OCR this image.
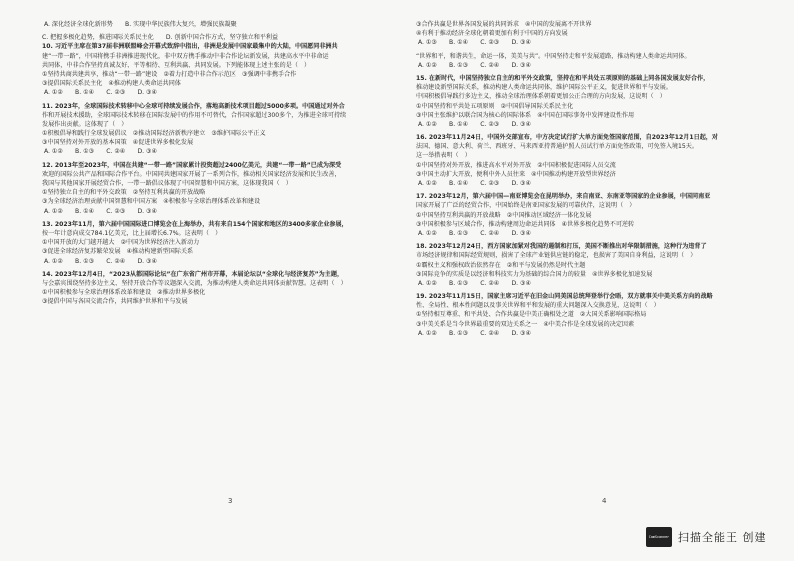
A. 深化经济全球化新形势　　B. 实现中华民族伟大复兴，增强民族凝聚
C. 把握多极化趋势，推进国际关系民主化　　D. 创新中国合作方式，坚守独立和平利益
10. 习近平主席在第37届非洲联盟峰会开幕式致辞中指出，非洲是发展中国家最集中的大陆，中国愿同非洲共
建“一带一路”，中国将携手非洲推进现代化，非中双方携手推动中非合作论坛新发展，共建高水平中非命运
共同体，中非合作坚持真诚友好、平等相待、互利共赢、共同发展。下列能体现上述主张的是（　）
①坚持共商共建共享，推动“一带一路”建设　②着力打造中非合作示范区　③强调中非携手合作
③提倡国际关系民主化　④推动构建人类命运共同体
A. ①②　　B. ①④　　C. ②③　　D. ③④
11. 2023年，全球国际技术转移中心全球可持续发展合作，落地高新技术项目超过5000多项。中国通过对外合
作和开展技术援助，全球国际技术转移在国际发展中的作用不可替代，合作国家超过300多个，为推进全球可持续
发展作出贡献。这体现了（　）
①积极倡导和践行全球发展倡议　②推动国际经济新秩序建立　③维护国际公平正义
③中国坚持对外开放的基本国策　④促进世界多极化发展
A. ①②　　B. ①③　　C. ②④　　D. ③④
12. 2013年至2023年，中国在共建“一带一路”国家累计投资超过2400亿美元，共建“一带一路”已成为深受
欢迎的国际公共产品和国际合作平台。中国同共建国家开展了一系列合作，推动相关国家经济发展和民生改善，
我国与其他国家开展经贸合作，一带一路倡议体现了中国智慧和中国方案，这体现我国（　）
①坚持独立自主的和平外交政策　②坚持互利共赢的开放战略
③为全球经济治理贡献中国智慧和中国方案　④积极参与全球治理体系改革和建设
A. ①②　　B. ①④　　C. ②③　　D. ③④
13. 2023年11月，第六届中国国际进口博览会在上海举办，共有来自154个国家和地区的3400多家企业参展，
按一年计意向成交784.1亿美元，比上届增长6.7%。这表明（　）
①中国开放的大门越开越大　②中国为世界经济注入新动力
③促进全球经济复苏繁荣发展　④推动构建新型国际关系
A. ①②　　B. ①③　　C. ②④　　D. ③④
14. 2023年12月4日，“2023从都国际论坛”在广东省广州市开幕，本届论坛以“全球化与经济复苏”为主题，
与会嘉宾围绕坚持多边主义、坚持开放合作等议题深入交流，为推动构建人类命运共同体贡献智慧。这表明（　）
①中国积极参与全球治理体系改革和建设　②推动世界多极化
③提倡中国与各国交流合作，共同维护世界和平与发展
③合作共赢是世界各国发展的共同诉求　④中国的发展离不开世界
④有利于推动经济全球化朝着更加有利于中国的方向发展
A. ①③　　B. ①④　　C. ②③　　D. ③④
“世界和平，和谐共生，命运一体，美美与共”。中国坚持走和平发展道路，推动构建人类命运共同体。
A. ①②　　B. ①③　　C. ②④　　D. ③④
15. 在新时代，中国坚持独立自主的和平外交政策，坚持在和平共处五项原则的基础上同各国发展友好合作，
推动建设新型国际关系，推动构建人类命运共同体，维护国际公平正义，促进世界和平与发展。
中国积极倡导践行多边主义，推动全球治理体系朝着更加公正合理的方向发展，这说明（　）
①中国坚持和平共处五项原则　②中国倡导国际关系民主化
③中国主张维护以联合国为核心的国际体系　④中国在国际事务中发挥建设性作用
A. ①②　　B. ①④　　C. ②③　　D. ③④
16. 2023年11月24日，中国外交部宣布，中方决定试行扩大单方面免签国家范围，自2023年12月1日起，对
法国、德国、意大利、荷兰、西班牙、马来西亚持普通护照人员试行单方面免签政策，可免签入境15天。
这一举措表明（　）
①中国坚持对外开放，推进高水平对外开放　②中国积极促进国际人员交流
③中国主动扩大开放，便利中外人员往来　④中国推动构建开放型世界经济
A. ①②　　B. ①④　　C. ②③　　D. ③④
17. 2023年12月，第六届中国—南亚博览会在昆明举办，来自南亚、东南亚等国家的企业参展，中国同南亚
国家开展了广泛的经贸合作，中国始终是南亚国家发展的可靠伙伴，这说明（　）
①中国坚持互利共赢的开放战略　②中国推动区域经济一体化发展
③中国积极参与区域合作，推动构建周边命运共同体　④世界多极化趋势不可逆转
A. ①②　　B. ①③　　C. ②④　　D. ③④
18. 2023年12月24日，西方国家加紧对我国的遏制和打压，美国不断推出对华限制措施，这种行为违背了
市场经济规律和国际经贸规则，损害了全球产业链供应链的稳定，也损害了美国自身利益，这说明（　）
①霸权主义和强权政治依然存在　②和平与发展仍然是时代主题
③国际竞争的实质是以经济和科技实力为基础的综合国力的较量　④世界多极化加速发展
A. ①②　　B. ①③　　C. ②④　　D. ③④
19. 2023年11月15日，国家主席习近平在旧金山同美国总统拜登举行会晤，双方就事关中美关系方向的战略
性、全局性、根本性问题以及事关世界和平和发展的重大问题深入交换意见，这说明（　）
①坚持相互尊重、和平共处、合作共赢是中美正确相处之道　②大国关系影响国际格局
③中美关系是当今世界最重要的双边关系之一　④中美合作是全球发展的决定因素
A. ①②　　B. ①③　　C. ②④　　D. ③④
3	4
CamScanner 扫描全能王 创建
